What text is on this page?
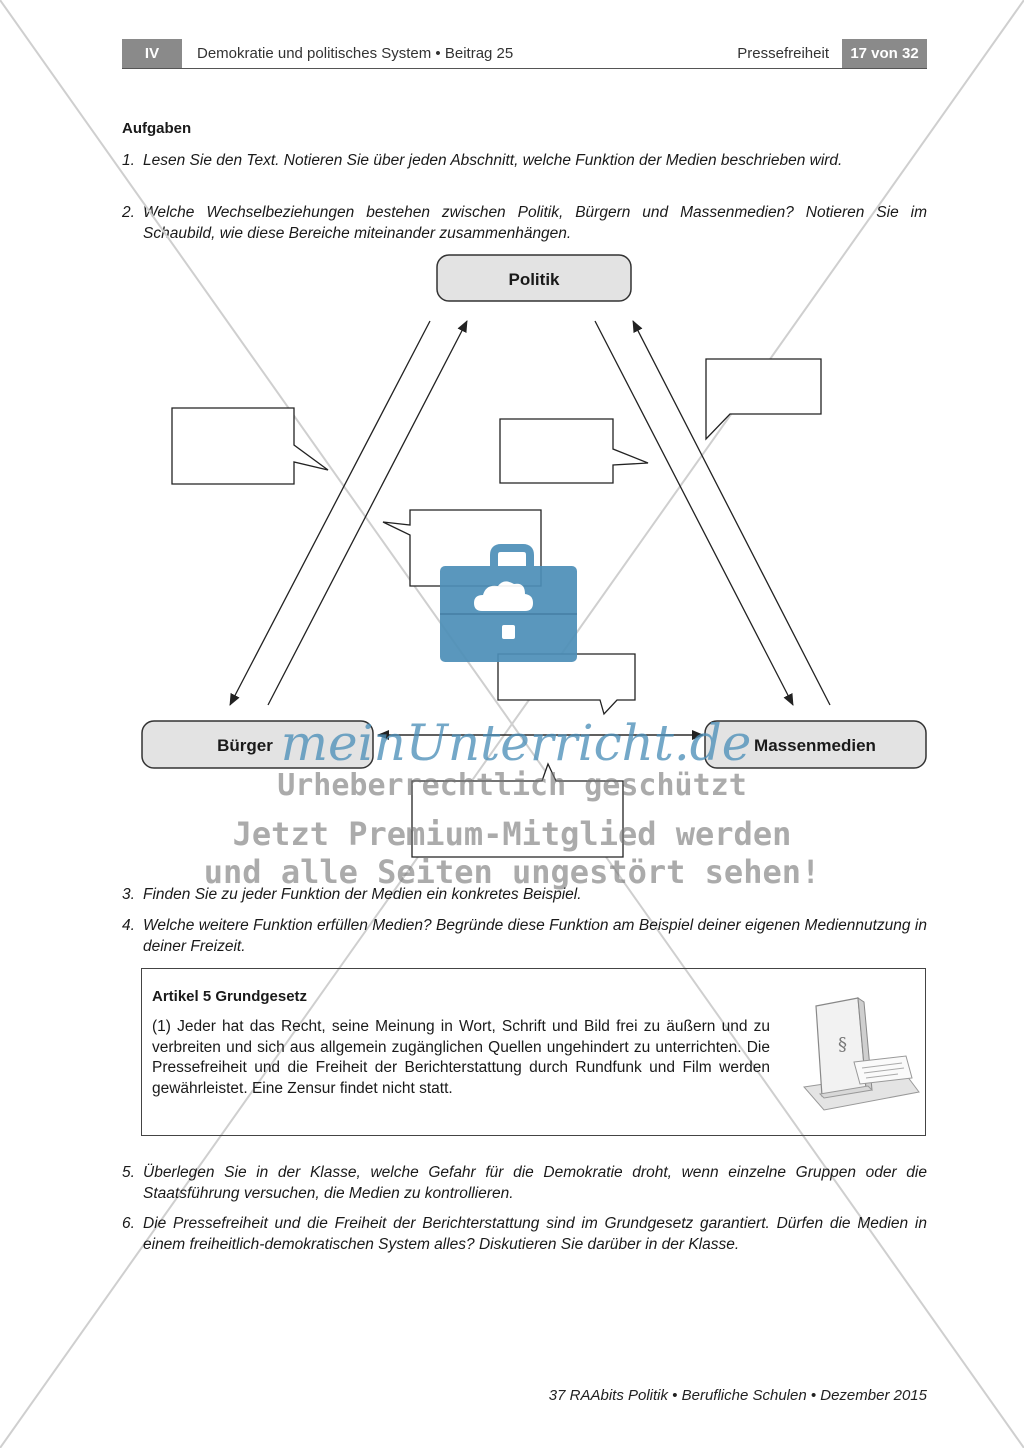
IV	Demokratie und politisches System • Beitrag 25	Pressefreiheit	17 von 32
Aufgaben
1. Lesen Sie den Text. Notieren Sie über jeden Abschnitt, welche Funktion der Medien beschrieben wird.
2. Welche Wechselbeziehungen bestehen zwischen Politik, Bürgern und Massenmedien? Notieren Sie im Schaubild, wie diese Bereiche miteinander zusammenhängen.
Politik
Bürger	Massenmedien
meinUnterricht.de
Urheberrechtlich geschützt
Jetzt Premium-Mitglied werden
und alle Seiten ungestört sehen!
3. Finden Sie zu jeder Funktion der Medien ein konkretes Beispiel.
4. Welche weitere Funktion erfüllen Medien? Begründe diese Funktion am Beispiel deiner eigenen Mediennutzung in deiner Freizeit.
Artikel 5 Grundgesetz
(1) Jeder hat das Recht, seine Meinung in Wort, Schrift und Bild frei zu äußern und zu verbreiten und sich aus allgemein zugänglichen Quellen ungehindert zu unterrichten. Die Pressefreiheit und die Freiheit der Berichterstattung durch Rundfunk und Film werden gewährleistet. Eine Zensur findet nicht statt.
§
5. Überlegen Sie in der Klasse, welche Gefahr für die Demokratie droht, wenn einzelne Gruppen oder die Staatsführung versuchen, die Medien zu kontrollieren.
6. Die Pressefreiheit und die Freiheit der Berichterstattung sind im Grundgesetz garantiert. Dürfen die Medien in einem freiheitlich-demokratischen System alles? Diskutieren Sie darüber in der Klasse.
37 RAAbits Politik • Berufliche Schulen • Dezember 2015
